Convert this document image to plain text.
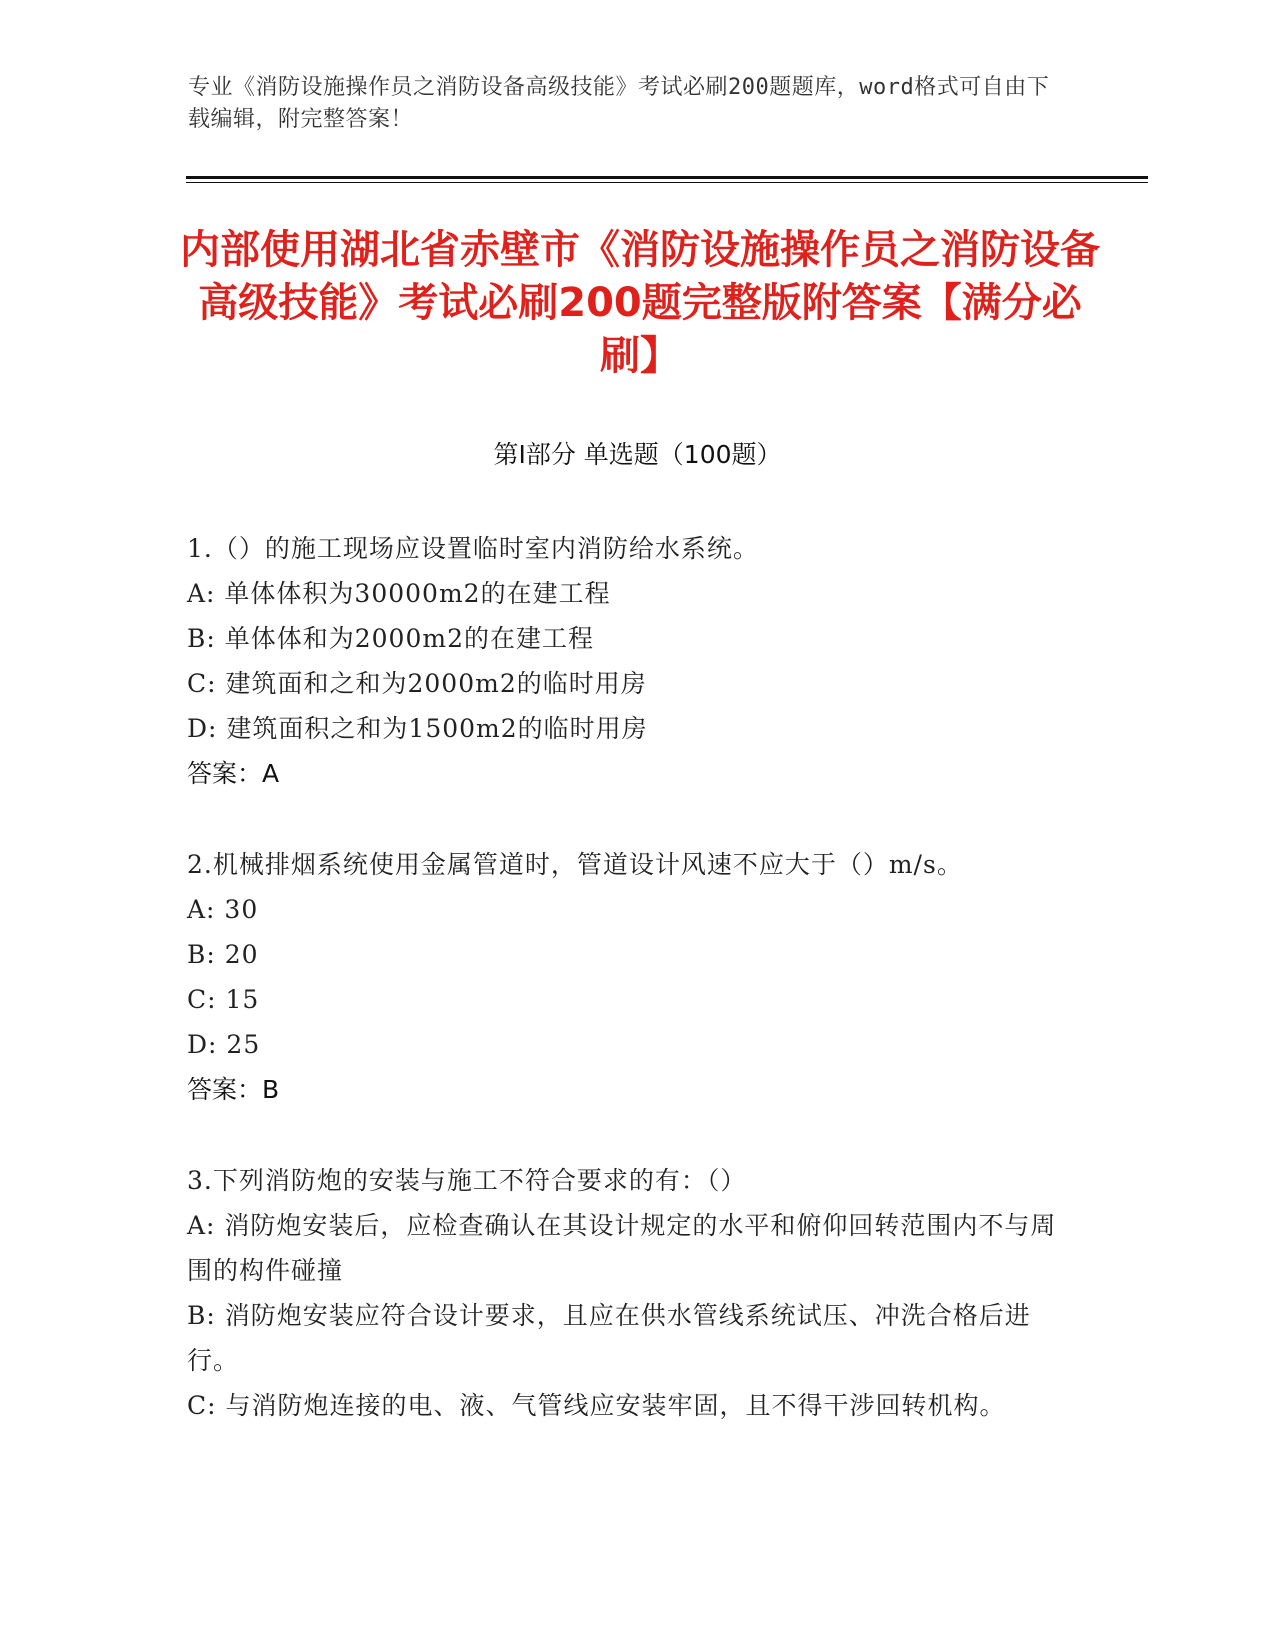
专业《消防设施操作员之消防设备高级技能》考试必刷200题题库，word格式可自由下载编辑，附完整答案！
内部使用湖北省赤壁市《消防设施操作员之消防设备高级技能》考试必刷200题完整版附答案【满分必刷】
第I部分 单选题（100题）
1.（）的施工现场应设置临时室内消防给水系统。
A: 单体体积为30000m2的在建工程
B: 单体体和为2000m2的在建工程
C: 建筑面和之和为2000m2的临时用房
D: 建筑面积之和为1500m2的临时用房
答案：A
2.机械排烟系统使用金属管道时，管道设计风速不应大于（）m/s。
A: 30
B: 20
C: 15
D: 25
答案：B
3.下列消防炮的安装与施工不符合要求的有：（）
A: 消防炮安装后，应检查确认在其设计规定的水平和俯仰回转范围内不与周围的构件碰撞
B: 消防炮安装应符合设计要求，且应在供水管线系统试压、冲洗合格后进行。
C: 与消防炮连接的电、液、气管线应安装牢固，且不得干涉回转机构。
